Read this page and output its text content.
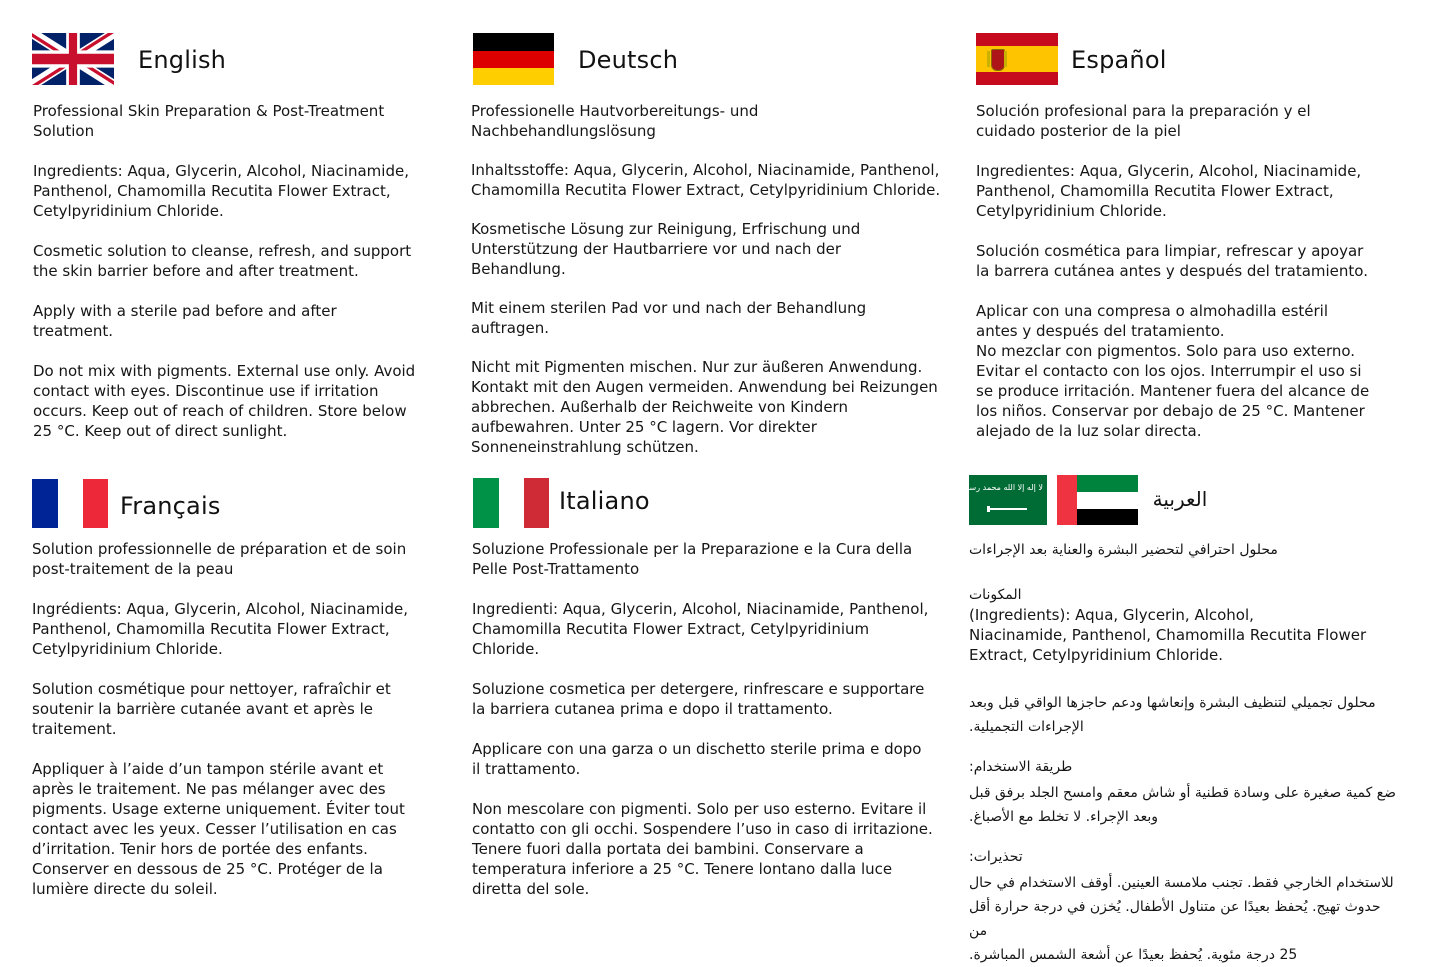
English

Professional Skin Preparation & Post-Treatment
Solution

Ingredients: Aqua, Glycerin, Alcohol, Niacinamide,
Panthenol, Chamomilla Recutita Flower Extract,
Cetylpyridinium Chloride.

Cosmetic solution to cleanse, refresh, and support
the skin barrier before and after treatment.

Apply with a sterile pad before and after
treatment.

Do not mix with pigments. External use only. Avoid
contact with eyes. Discontinue use if irritation
occurs. Keep out of reach of children. Store below
25 °C. Keep out of direct sunlight.

Deutsch

Professionelle Hautvorbereitungs- und
Nachbehandlungslösung

Inhaltsstoffe: Aqua, Glycerin, Alcohol, Niacinamide, Panthenol,
Chamomilla Recutita Flower Extract, Cetylpyridinium Chloride.

Kosmetische Lösung zur Reinigung, Erfrischung und
Unterstützung der Hautbarriere vor und nach der
Behandlung.

Mit einem sterilen Pad vor und nach der Behandlung
auftragen.

Nicht mit Pigmenten mischen. Nur zur äußeren Anwendung.
Kontakt mit den Augen vermeiden. Anwendung bei Reizungen
abbrechen. Außerhalb der Reichweite von Kindern
aufbewahren. Unter 25 °C lagern. Vor direkter
Sonneneinstrahlung schützen.

Español

Solución profesional para la preparación y el
cuidado posterior de la piel

Ingredientes: Aqua, Glycerin, Alcohol, Niacinamide,
Panthenol, Chamomilla Recutita Flower Extract,
Cetylpyridinium Chloride.

Solución cosmética para limpiar, refrescar y apoyar
la barrera cutánea antes y después del tratamiento.

Aplicar con una compresa o almohadilla estéril
antes y después del tratamiento.
No mezclar con pigmentos. Solo para uso externo.
Evitar el contacto con los ojos. Interrumpir el uso si
se produce irritación. Mantener fuera del alcance de
los niños. Conservar por debajo de 25 °C. Mantener
alejado de la luz solar directa.

Français

Solution professionnelle de préparation et de soin
post-traitement de la peau

Ingrédients: Aqua, Glycerin, Alcohol, Niacinamide,
Panthenol, Chamomilla Recutita Flower Extract,
Cetylpyridinium Chloride.

Solution cosmétique pour nettoyer, rafraîchir et
soutenir la barrière cutanée avant et après le
traitement.

Appliquer à l’aide d’un tampon stérile avant et
après le traitement. Ne pas mélanger avec des
pigments. Usage externe uniquement. Éviter tout
contact avec les yeux. Cesser l’utilisation en cas
d’irritation. Tenir hors de portée des enfants.
Conserver en dessous de 25 °C. Protéger de la
lumière directe du soleil.

Italiano

Soluzione Professionale per la Preparazione e la Cura della
Pelle Post-Trattamento

Ingredienti: Aqua, Glycerin, Alcohol, Niacinamide, Panthenol,
Chamomilla Recutita Flower Extract, Cetylpyridinium
Chloride.

Soluzione cosmetica per detergere, rinfrescare e supportare
la barriera cutanea prima e dopo il trattamento.

Applicare con una garza o un dischetto sterile prima e dopo
il trattamento.

Non mescolare con pigmenti. Solo per uso esterno. Evitare il
contatto con gli occhi. Sospendere l’uso in caso di irritazione.
Tenere fuori dalla portata dei bambini. Conservare a
temperatura inferiore a 25 °C. Tenere lontano dalla luce
diretta del sole.

لا إله إلا الله محمد رسول الله	العربية

محلول احترافي لتحضير البشرة والعناية بعد الإجراءات

المكونات
(Ingredients): Aqua, Glycerin, Alcohol,
Niacinamide, Panthenol, Chamomilla Recutita Flower
Extract, Cetylpyridinium Chloride.

محلول تجميلي لتنظيف البشرة وإنعاشها ودعم حاجزها الواقي قبل وبعد
الإجراءات التجميلية.

طريقة الاستخدام:

ضع كمية صغيرة على وسادة قطنية أو شاش معقم وامسح الجلد برفق قبل
وبعد الإجراء. لا تخلط مع الأصباغ.

تحذيرات:

للاستخدام الخارجي فقط. تجنب ملامسة العينين. أوقف الاستخدام في حال
حدوث تهيج. يُحفظ بعيدًا عن متناول الأطفال. يُخزن في درجة حرارة أقل من
25 درجة مئوية. يُحفظ بعيدًا عن أشعة الشمس المباشرة.
